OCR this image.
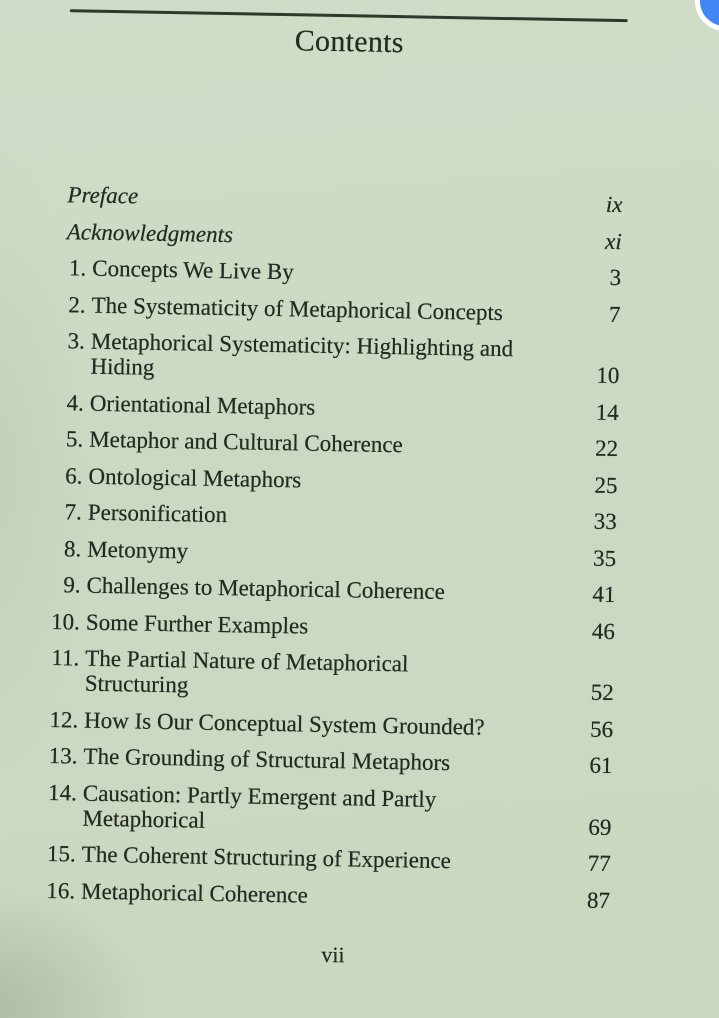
Contents
Preface	ix
Acknowledgments	xi
1. Concepts We Live By	3
2. The Systematicity of Metaphorical Concepts	7
3. Metaphorical Systematicity: Highlighting and
Hiding	10
4. Orientational Metaphors	14
5. Metaphor and Cultural Coherence	22
6. Ontological Metaphors	25
7. Personification	33
8. Metonymy	35
9. Challenges to Metaphorical Coherence	41
10. Some Further Examples	46
11. The Partial Nature of Metaphorical
Structuring	52
12. How Is Our Conceptual System Grounded?	56
13. The Grounding of Structural Metaphors	61
14. Causation: Partly Emergent and Partly
Metaphorical	69
15. The Coherent Structuring of Experience	77
16. Metaphorical Coherence	87
vii
